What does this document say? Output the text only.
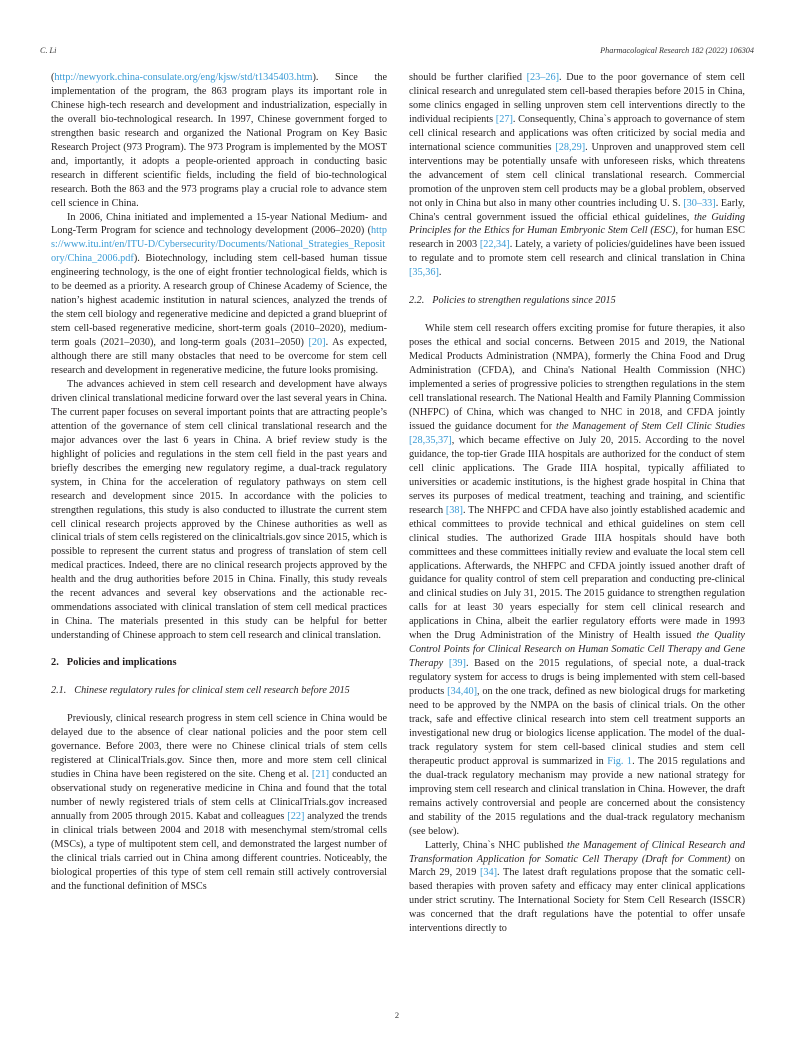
C. Li	Pharmacological Research 182 (2022) 106304

(http://newyork.china-consulate.org/eng/kjsw/std/t1345403.htm). Since the implementation of the program, the 863 program plays its important role in Chinese high-tech research and development and industrialization, especially in the overall bio-technological research. In 1997, Chinese government forged to strengthen basic research and organized the National Program on Key Basic Research Project (973 Program). The 973 Program is implemented by the MOST and, importantly, it adopts a people-oriented approach in conducting basic research in different scientific fields, including the field of bio-technological research. Both the 863 and the 973 programs play a crucial role to advance stem cell science in China.

In 2006, China initiated and implemented a 15-year National Medium- and Long-Term Program for science and technology development (2006–2020) (https://www.itu.int/en/ITU-D/Cybersecurity/Documents/National_Strategies_Repository/China_2006.pdf). Biotechnology, including stem cell-based human tissue engineering technology, is the one of eight frontier technological fields, which is to be deemed as a priority. A research group of Chinese Academy of Science, the nation’s highest academic institution in natural sciences, analyzed the trends of the stem cell biology and regenerative medicine and depicted a grand blueprint of stem cell-based regenerative medicine, short-term goals (2010–2020), medium-term goals (2021–2030), and long-term goals (2031–2050) [20]. As expected, although there are still many obstacles that need to be overcome for stem cell research and development in regenerative medicine, the future looks promising.

The advances achieved in stem cell research and development have always driven clinical translational medicine forward over the last several years in China. The current paper focuses on several important points that are attracting people’s attention of the governance of stem cell clinical translational research and the major advances over the last 6 years in China. A brief review study is the highlight of policies and regulations in the stem cell field in the past years and briefly describes the emerging new regulatory regime, a dual-track regulatory system, in China for the acceleration of regulatory pathways on stem cell research and development since 2015. In accordance with the policies to strengthen regulations, this study is also conducted to illustrate the current stem cell clinical research projects approved by the Chinese authorities as well as clinical trials of stem cells registered on the clinicaltrials.gov since 2015, which is possible to represent the current status and progress of translation of stem cell medical practices. Indeed, there are no clinical research projects approved by the health and the drug authorities before 2015 in China. Finally, this study reveals the recent advances and several key observations and the actionable recommendations associated with clinical translation of stem cell medical practices in China. The materials presented in this study can be helpful for better understanding of Chinese approach to stem cell research and clinical translation.

2. Policies and implications
2.1. Chinese regulatory rules for clinical stem cell research before 2015

Previously, clinical research progress in stem cell science in China would be delayed due to the absence of clear national policies and the poor stem cell governance. Before 2003, there were no Chinese clinical trials of stem cells registered at ClinicalTrials.gov. Since then, more and more stem cell clinical studies in China have been registered on the site. Cheng et al. [21] conducted an observational study on regenerative medicine in China and found that the total number of newly registered trials of stem cells at ClinicalTrials.gov increased annually from 2005 through 2015. Kabat and colleagues [22] analyzed the trends in clinical trials between 2004 and 2018 with mesenchymal stem/stromal cells (MSCs), a type of multipotent stem cell, and demonstrated the largest number of the clinical trials carried out in China among different countries. Noticeably, the biological properties of this type of stem cell remain still actively controversial and the functional definition of MSCs

should be further clarified [23–26]. Due to the poor governance of stem cell clinical research and unregulated stem cell-based therapies before 2015 in China, some clinics engaged in selling unproven stem cell interventions directly to the individual recipients [27]. Consequently, China`s approach to governance of stem cell clinical research and applications was often criticized by social media and international science communities [28,29]. Unproven and unapproved stem cell interventions may be potentially unsafe with unforeseen risks, which threatens the advancement of stem cell clinical translational research. Commercial promotion of the unproven stem cell products may be a global problem, observed not only in China but also in many other countries including U. S. [30–33]. Early, China's central government issued the official ethical guidelines, the Guiding Principles for the Ethics for Human Embryonic Stem Cell (ESC), for human ESC research in 2003 [22,34]. Lately, a variety of policies/guidelines have been issued to regulate and to promote stem cell research and clinical translation in China [35,36].

2.2. Policies to strengthen regulations since 2015

While stem cell research offers exciting promise for future therapies, it also poses the ethical and social concerns. Between 2015 and 2019, the National Medical Products Administration (NMPA), formerly the China Food and Drug Administration (CFDA), and China's National Health Commission (NHC) implemented a series of progressive policies to strengthen regulations in the stem cell translational research. The National Health and Family Planning Commission (NHFPC) of China, which was changed to NHC in 2018, and CFDA jointly issued the guidance document for the Management of Stem Cell Clinic Studies [28,35,37], which became effective on July 20, 2015. According to the novel guidance, the top-tier Grade IIIA hospitals are authorized for the conduct of stem cell clinic applications. The Grade IIIA hospital, typically affiliated to universities or academic institutions, is the highest grade hospital in China that serves its purposes of medical treatment, teaching and training, and scientific research [38]. The NHFPC and CFDA have also jointly established academic and ethical committees to provide technical and ethical guidelines on stem cell clinical studies. The authorized Grade IIIA hospitals should have both committees and these committees initially review and evaluate the local stem cell applications. Afterwards, the NHFPC and CFDA jointly issued another draft of guidance for quality control of stem cell preparation and conducting pre-clinical and clinical studies on July 31, 2015. The 2015 guidance to strengthen regulation calls for at least 30 years especially for stem cell clinical research and applications in China, albeit the earlier regulatory efforts were made in 1993 when the Drug Administration of the Ministry of Health issued the Quality Control Points for Clinical Research on Human Somatic Cell Therapy and Gene Therapy [39]. Based on the 2015 regulations, of special note, a dual-track regulatory system for access to drugs is being implemented with stem cell-based products [34,40], on the one track, defined as new biological drugs for marketing need to be approved by the NMPA on the basis of clinical trials. On the other track, safe and effective clinical research into stem cell treatment supports an investigational new drug or biologics license application. The model of the dual-track regulatory system for stem cell-based clinical studies and stem cell therapeutic product approval is summarized in Fig. 1. The 2015 regulations and the dual-track regulatory mechanism may provide a new national strategy for improving stem cell research and clinical translation in China. However, the draft remains actively controversial and people are concerned about the consistency and stability of the 2015 regulations and the dual-track regulatory mechanism (see below).

Latterly, China`s NHC published the Management of Clinical Research and Transformation Application for Somatic Cell Therapy (Draft for Comment) on March 29, 2019 [34]. The latest draft regulations propose that the somatic cell-based therapies with proven safety and efficacy may enter clinical applications under strict scrutiny. The International Society for Stem Cell Research (ISSCR) was concerned that the draft regulations have the potential to offer unsafe interventions directly to

2
